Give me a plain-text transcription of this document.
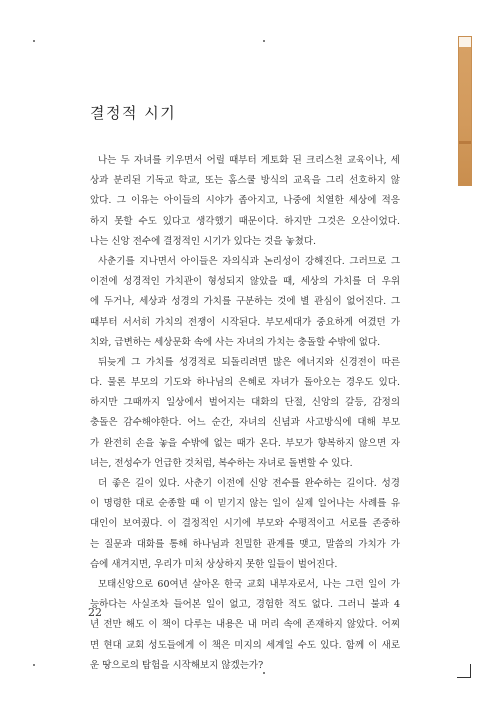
결정적 시기
나는 두 자녀를 키우면서 어릴 때부터 게토화 된 크리스천 교육이나, 세
상과 분리된 기독교 학교, 또는 홈스쿨 방식의 교육을 그리 선호하지 않
았다. 그 이유는 아이들의 시야가 좁아지고, 나중에 치열한 세상에 적응
하지 못할 수도 있다고 생각했기 때문이다. 하지만 그것은 오산이었다.
나는 신앙 전수에 결정적인 시기가 있다는 것을 놓쳤다.
사춘기를 지나면서 아이들은 자의식과 논리성이 강해진다. 그러므로 그
이전에 성경적인 가치관이 형성되지 않았을 때, 세상의 가치를 더 우위
에 두거나, 세상과 성경의 가치를 구분하는 것에 별 관심이 없어진다. 그
때부터 서서히 가치의 전쟁이 시작된다. 부모세대가 중요하게 여겼던 가
치와, 급변하는 세상문화 속에 사는 자녀의 가치는 충돌할 수밖에 없다.
뒤늦게 그 가치를 성경적로 되돌리려면 많은 에너지와 신경전이 따른
다. 물론 부모의 기도와 하나님의 은혜로 자녀가 돌아오는 경우도 있다.
하지만 그때까지 일상에서 벌어지는 대화의 단절, 신앙의 갈등, 감정의
충돌은 감수해야한다. 어느 순간, 자녀의 신념과 사고방식에 대해 부모
가 완전히 손을 놓을 수밖에 없는 때가 온다. 부모가 향복하지 않으면 자
녀는, 전성수가 언급한 것처럼, 복수하는 자녀로 돌변할 수 있다.
더 좋은 길이 있다. 사춘기 이전에 신앙 전수를 완수하는 길이다. 성경
이 명령한 대로 순종할 때 이 믿기지 않는 일이 실제 일어나는 사례를 유
대인이 보여줬다. 이 결정적인 시기에 부모와 수평적이고 서로를 존중하
는 질문과 대화를 통해 하나님과 친밀한 관계를 맺고, 말씀의 가치가 가
슴에 새겨지면, 우리가 미처 상상하지 못한 일들이 벌어진다.
모태신앙으로 60여년 살아온 한국 교회 내부자로서, 나는 그런 일이 가
능하다는 사실조차 들어본 일이 없고, 경험한 적도 없다. 그러니 불과 4
년 전만 해도 이 책이 다루는 내용은 내 머리 속에 존재하지 않았다. 어찌
면 현대 교회 성도들에게 이 책은 미지의 세계일 수도 있다. 함께 이 새로
운 땅으로의 탐험을 시작해보지 않겠는가?
22
